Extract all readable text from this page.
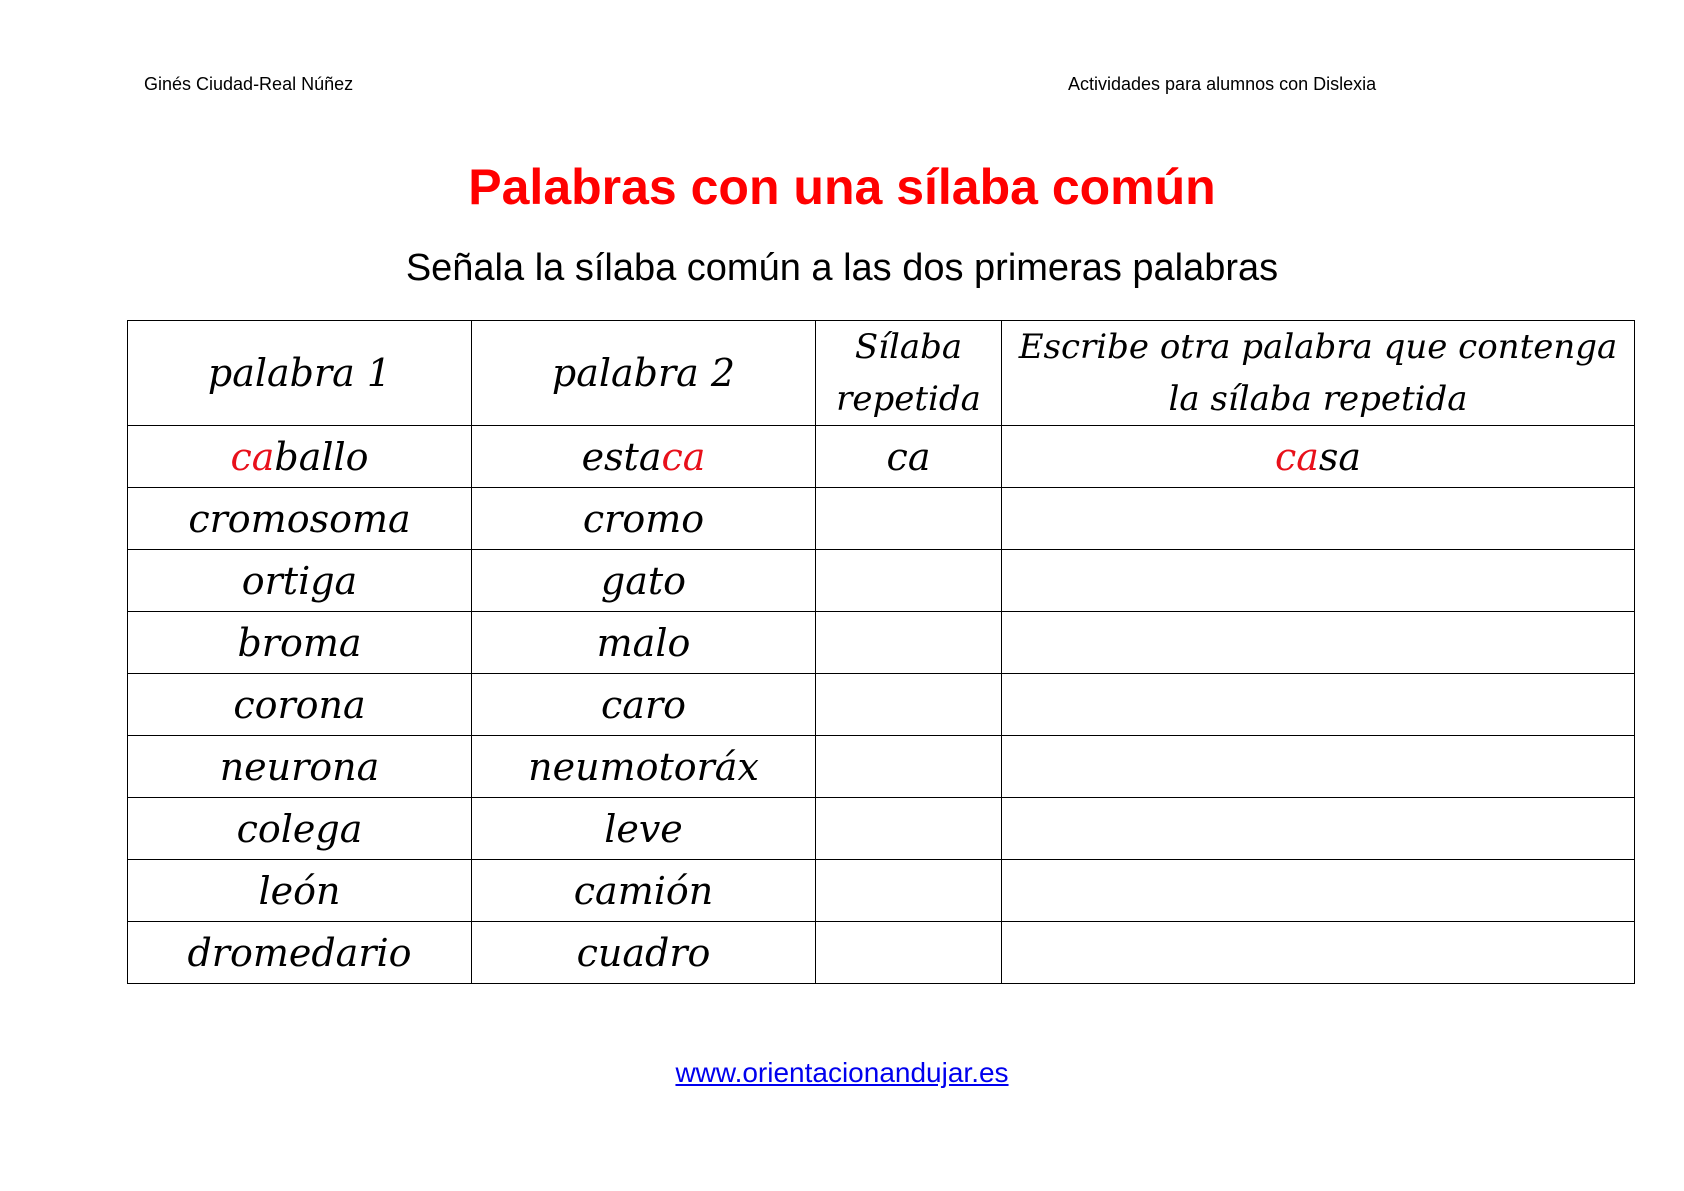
Ginés Ciudad-Real Núñez	Actividades para alumnos con Dislexia
Palabras con una sílaba común
Señala la sílaba común a las dos primeras palabras
palabra 1	palabra 2	Sílaba repetida	Escribe otra palabra que contenga la sílaba repetida
caballo	estaca	ca	casa
cromosoma	cromo		
ortiga	gato		
broma	malo		
corona	caro		
neurona	neumotoráx		
colega	leve		
león	camión		
dromedario	cuadro		
www.orientacionandujar.es
